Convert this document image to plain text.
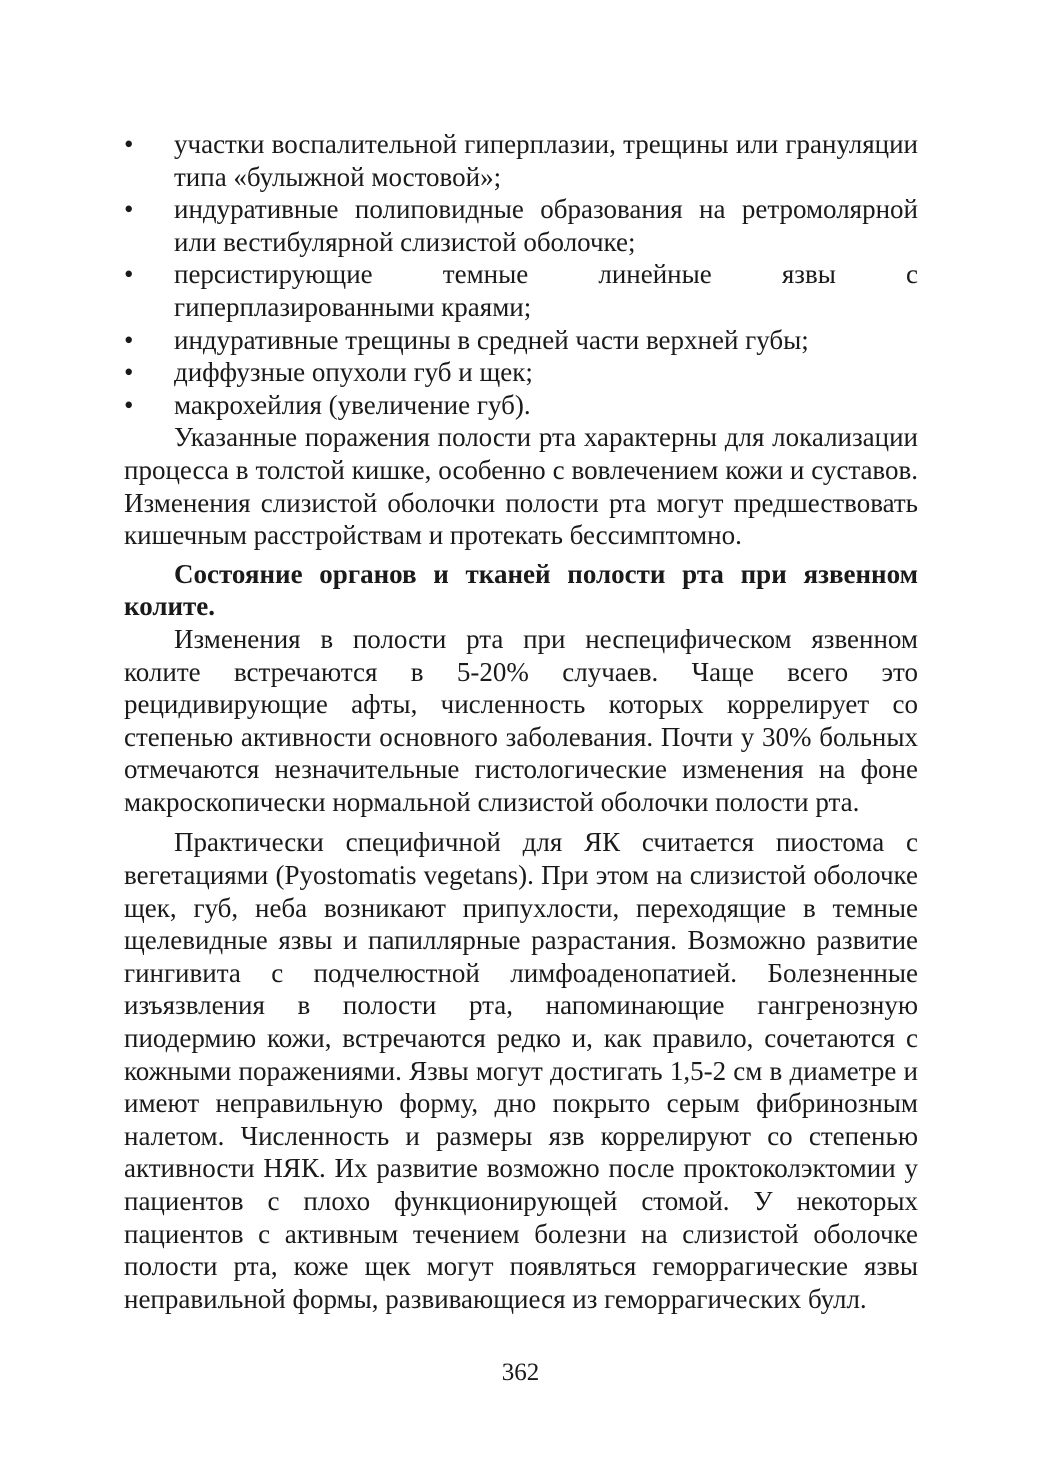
•	участки воспалительной гиперплазии, трещины или грануляции типа «булыжной мостовой»;
•	индуративные полиповидные образования на ретромолярной или вестибулярной слизистой оболочке;
•	персистирующие темные линейные язвы с гиперплазированными краями;
•	индуративные трещины в средней части верхней губы;
•	диффузные опухоли губ и щек;
•	макрохейлия (увеличение губ).

Указанные поражения полости рта характерны для локализации процесса в толстой кишке, особенно с вовлечением кожи и суставов. Изменения слизистой оболочки полости рта могут предшествовать кишечным расстройствам и протекать бессимптомно.

Состояние органов и тканей полости рта при язвенном колите.

Изменения в полости рта при неспецифическом язвенном колите встречаются в 5-20% случаев. Чаще всего это рецидивирующие афты, численность которых коррелирует со степенью активности основного заболевания. Почти у 30% больных отмечаются незначительные гистологические изменения на фоне макроскопически нормальной слизистой оболочки полости рта.

Практически специфичной для ЯК считается пиостома с вегетациями (Pyostomatis vegetans). При этом на слизистой оболочке щек, губ, неба возникают припухлости, переходящие в темные щелевидные язвы и папиллярные разрастания. Возможно развитие гингивита с подчелюстной лимфоаденопатией. Болезненные изъязвления в полости рта, напоминающие гангренозную пиодермию кожи, встречаются редко и, как правило, сочетаются с кожными поражениями. Язвы могут достигать 1,5-2 см в диаметре и имеют неправильную форму, дно покрыто серым фибринозным налетом. Численность и размеры язв коррелируют со степенью активности НЯК. Их развитие возможно после проктоколэктомии у пациентов с плохо функционирующей стомой. У некоторых пациентов с активным течением болезни на слизистой оболочке полости рта, коже щек могут появляться геморрагические язвы неправильной формы, развивающиеся из геморрагических булл.

362
